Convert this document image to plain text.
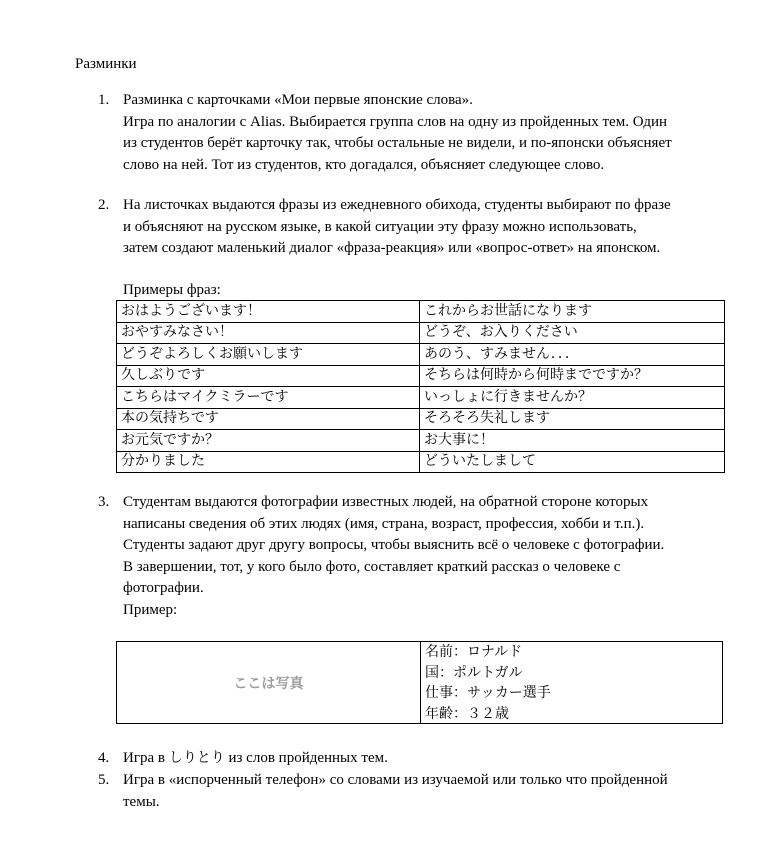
Разминки
1. Разминка с карточками «Мои первые японские слова».
Игра по аналогии с Alias. Выбирается группа слов на одну из пройденных тем. Один
из студентов берёт карточку так, чтобы остальные не видели, и по-японски объясняет
слово на ней. Тот из студентов, кто догадался, объясняет следующее слово.
2. На листочках выдаются фразы из ежедневного обихода, студенты выбирают по фразе
и объясняют на русском языке, в какой ситуации эту фразу можно использовать,
затем создают маленький диалог «фраза-реакция» или «вопрос-ответ» на японском.
Примеры фраз:
おはようございます！	これからお世話になります
おやすみなさい！	どうぞ、お入りください
どうぞよろしくお願いします	あのう、すみません．．．
久しぶりです	そちらは何時から何時までですか？
こちらはマイクミラーです	いっしょに行きませんか？
本の気持ちです	そろそろ失礼します
お元気ですか？	お大事に！
分かりました	どういたしまして
3. Студентам выдаются фотографии известных людей, на обратной стороне которых
написаны сведения об этих людях (имя, страна, возраст, профессия, хобби и т.п.).
Студенты задают друг другу вопросы, чтобы выяснить всё о человеке с фотографии.
В завершении, тот, у кого было фото, составляет краткий рассказ о человеке с
фотографии.
Пример:
ここは写真
名前：ロナルド
国：ポルトガル
仕事：サッカー選手
年齢：３２歳
4. Игра в しりとり из слов пройденных тем.
5. Игра в «испорченный телефон» со словами из изучаемой или только что пройденной
темы.
